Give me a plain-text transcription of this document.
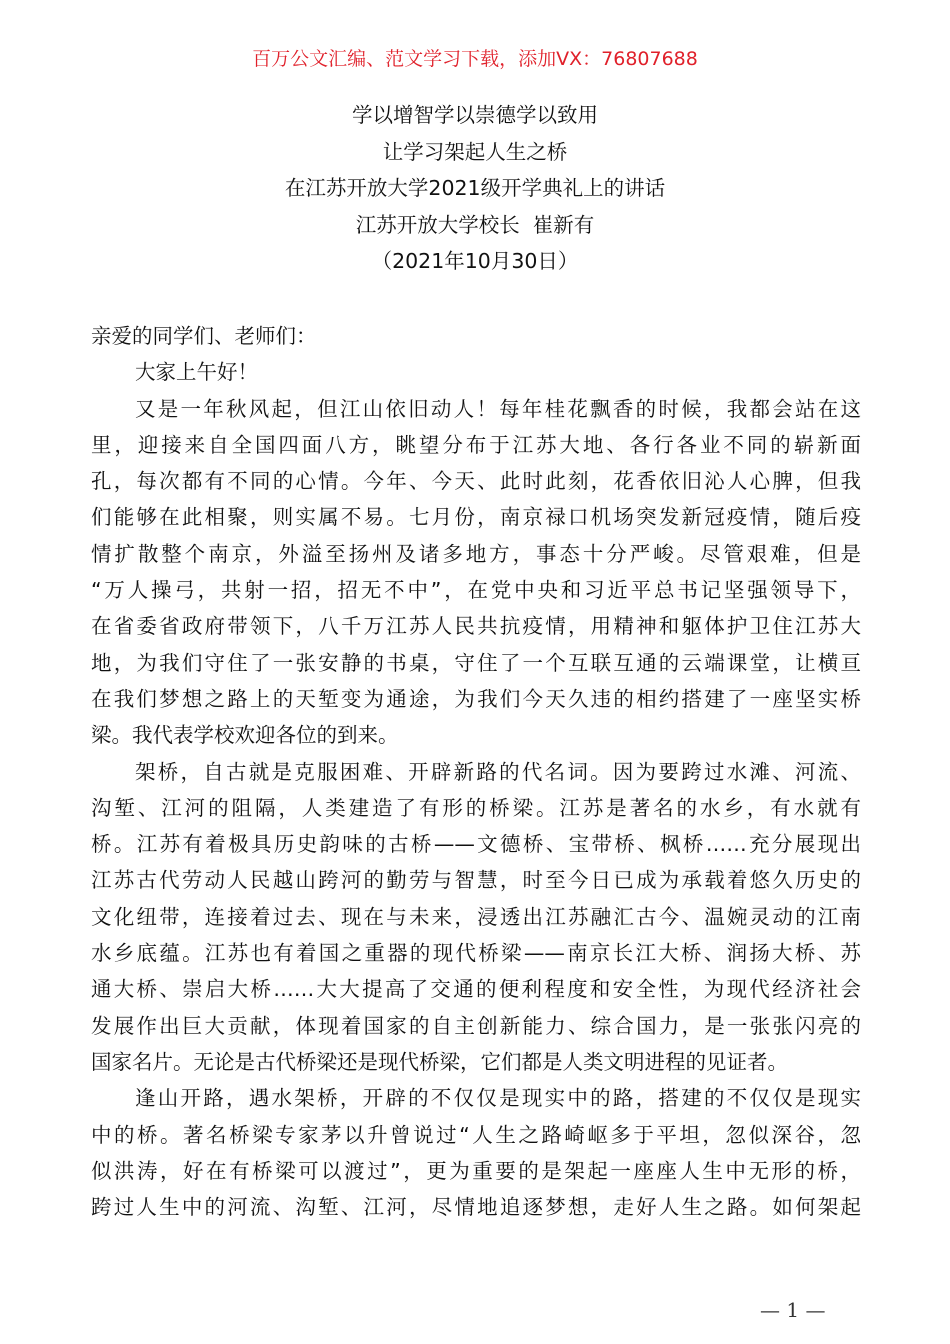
百万公文汇编、范文学习下载，添加VX：76807688
学以增智学以崇德学以致用
让学习架起人生之桥
在江苏开放大学2021级开学典礼上的讲话
江苏开放大学校长  崔新有
（2021年10月30日）
亲爱的同学们、老师们：
大家上午好！
又是一年秋风起，但江山依旧动人！每年桂花飘香的时候，我都会站在这
里，迎接来自全国四面八方，眺望分布于江苏大地、各行各业不同的崭新面
孔，每次都有不同的心情。今年、今天、此时此刻，花香依旧沁人心脾，但我
们能够在此相聚，则实属不易。七月份，南京禄口机场突发新冠疫情，随后疫
情扩散整个南京，外溢至扬州及诸多地方，事态十分严峻。尽管艰难，但是
“万人操弓，共射一招，招无不中”，在党中央和习近平总书记坚强领导下，
在省委省政府带领下，八千万江苏人民共抗疫情，用精神和躯体护卫住江苏大
地，为我们守住了一张安静的书桌，守住了一个互联互通的云端课堂，让横亘
在我们梦想之路上的天堑变为通途，为我们今天久违的相约搭建了一座坚实桥
梁。我代表学校欢迎各位的到来。
架桥，自古就是克服困难、开辟新路的代名词。因为要跨过水滩、河流、
沟堑、江河的阻隔，人类建造了有形的桥梁。江苏是著名的水乡，有水就有
桥。江苏有着极具历史韵味的古桥——文德桥、宝带桥、枫桥……充分展现出
江苏古代劳动人民越山跨河的勤劳与智慧，时至今日已成为承载着悠久历史的
文化纽带，连接着过去、现在与未来，浸透出江苏融汇古今、温婉灵动的江南
水乡底蕴。江苏也有着国之重器的现代桥梁——南京长江大桥、润扬大桥、苏
通大桥、崇启大桥……大大提高了交通的便利程度和安全性，为现代经济社会
发展作出巨大贡献，体现着国家的自主创新能力、综合国力，是一张张闪亮的
国家名片。无论是古代桥梁还是现代桥梁，它们都是人类文明进程的见证者。
逢山开路，遇水架桥，开辟的不仅仅是现实中的路，搭建的不仅仅是现实
中的桥。著名桥梁专家茅以升曾说过“人生之路崎岖多于平坦，忽似深谷，忽
似洪涛，好在有桥梁可以渡过”，更为重要的是架起一座座人生中无形的桥，
跨过人生中的河流、沟堑、江河，尽情地追逐梦想，走好人生之路。如何架起
— 1 —
